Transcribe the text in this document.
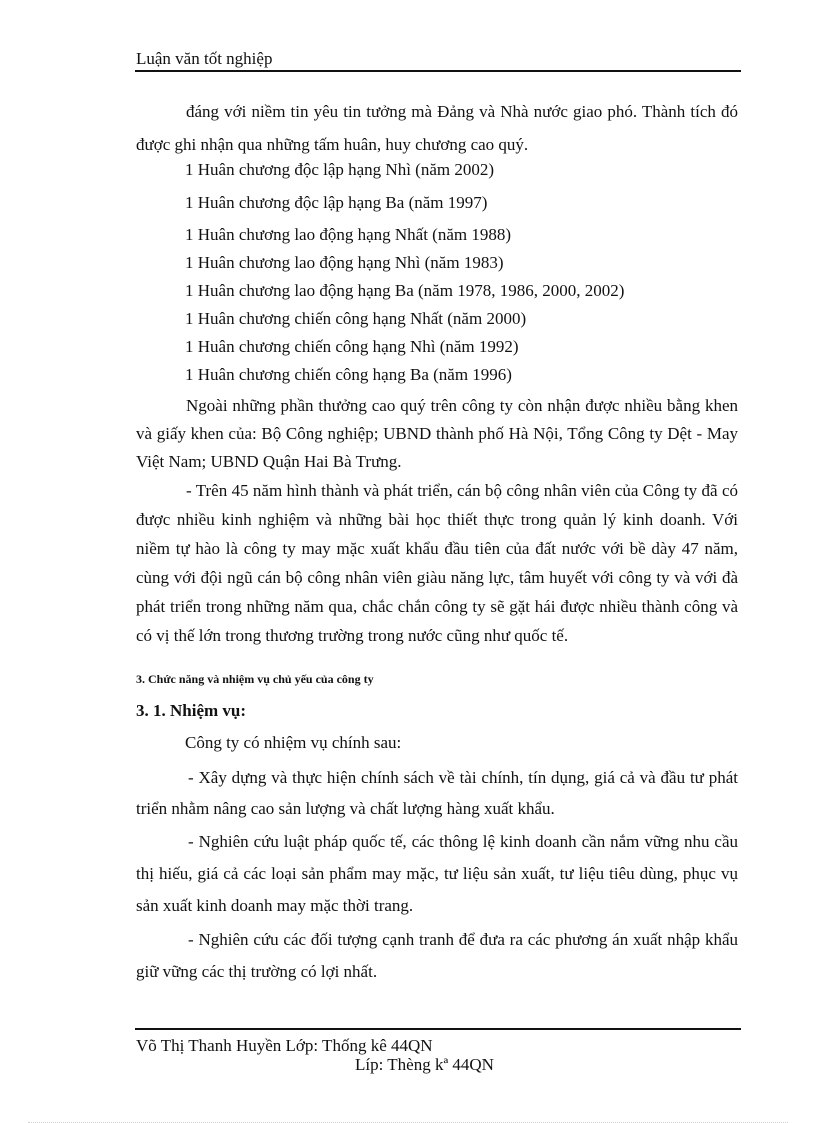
Luận văn tốt nghiệp
đáng với niềm tin yêu tin tưởng mà Đảng và Nhà nước giao phó. Thành tích đó được ghi nhận qua những tấm huân, huy chương cao quý.
1 Huân chương độc lập hạng Nhì (năm 2002)
1 Huân chương độc lập hạng Ba (năm 1997)
1 Huân chương lao động hạng Nhất (năm 1988)
1 Huân chương lao động hạng Nhì (năm 1983)
1 Huân chương lao động hạng Ba (năm 1978, 1986, 2000, 2002)
1 Huân chương chiến công hạng Nhất (năm 2000)
1 Huân chương chiến công hạng Nhì (năm 1992)
1 Huân chương chiến công hạng Ba (năm 1996)
Ngoài những phần thưởng cao quý trên công ty còn nhận được nhiều bằng khen và giấy khen của: Bộ Công nghiệp; UBND thành phố Hà Nội, Tổng Công ty Dệt - May Việt Nam; UBND Quận Hai Bà Trưng.
- Trên 45 năm hình thành và phát triển, cán bộ công nhân viên của Công ty đã có được nhiều kinh nghiệm và những bài học thiết thực trong quản lý kinh doanh. Với niềm tự hào là công ty may mặc xuất khẩu đầu tiên của đất nước với bề dày 47 năm, cùng với đội ngũ cán bộ công nhân viên giàu năng lực, tâm huyết với công ty và với đà phát triển trong những năm qua, chắc chắn công ty sẽ gặt hái được nhiều thành công và có vị thế lớn trong thương trường trong nước cũng như quốc tế.
3. Chức năng và nhiệm vụ chủ yếu của công ty
3. 1. Nhiệm vụ:
Công ty có nhiệm vụ chính sau:
- Xây dựng và thực hiện chính sách về tài chính, tín dụng, giá cả và đầu tư phát triển nhằm nâng cao sản lượng và chất lượng hàng xuất khẩu.
- Nghiên cứu luật pháp quốc tế, các thông lệ kinh doanh cần nắm vững nhu cầu thị hiếu, giá cả các loại sản phẩm may mặc, tư liệu sản xuất, tư liệu tiêu dùng, phục vụ sản xuất kinh doanh may mặc thời trang.
- Nghiên cứu các đối tượng cạnh tranh để đưa ra các phương án xuất nhập khẩu giữ vững các thị trường có lợi nhất.
Võ Thị Thanh Huyền Lớp: Thống kê 44QN
Líp: Thèng kª 44QN
